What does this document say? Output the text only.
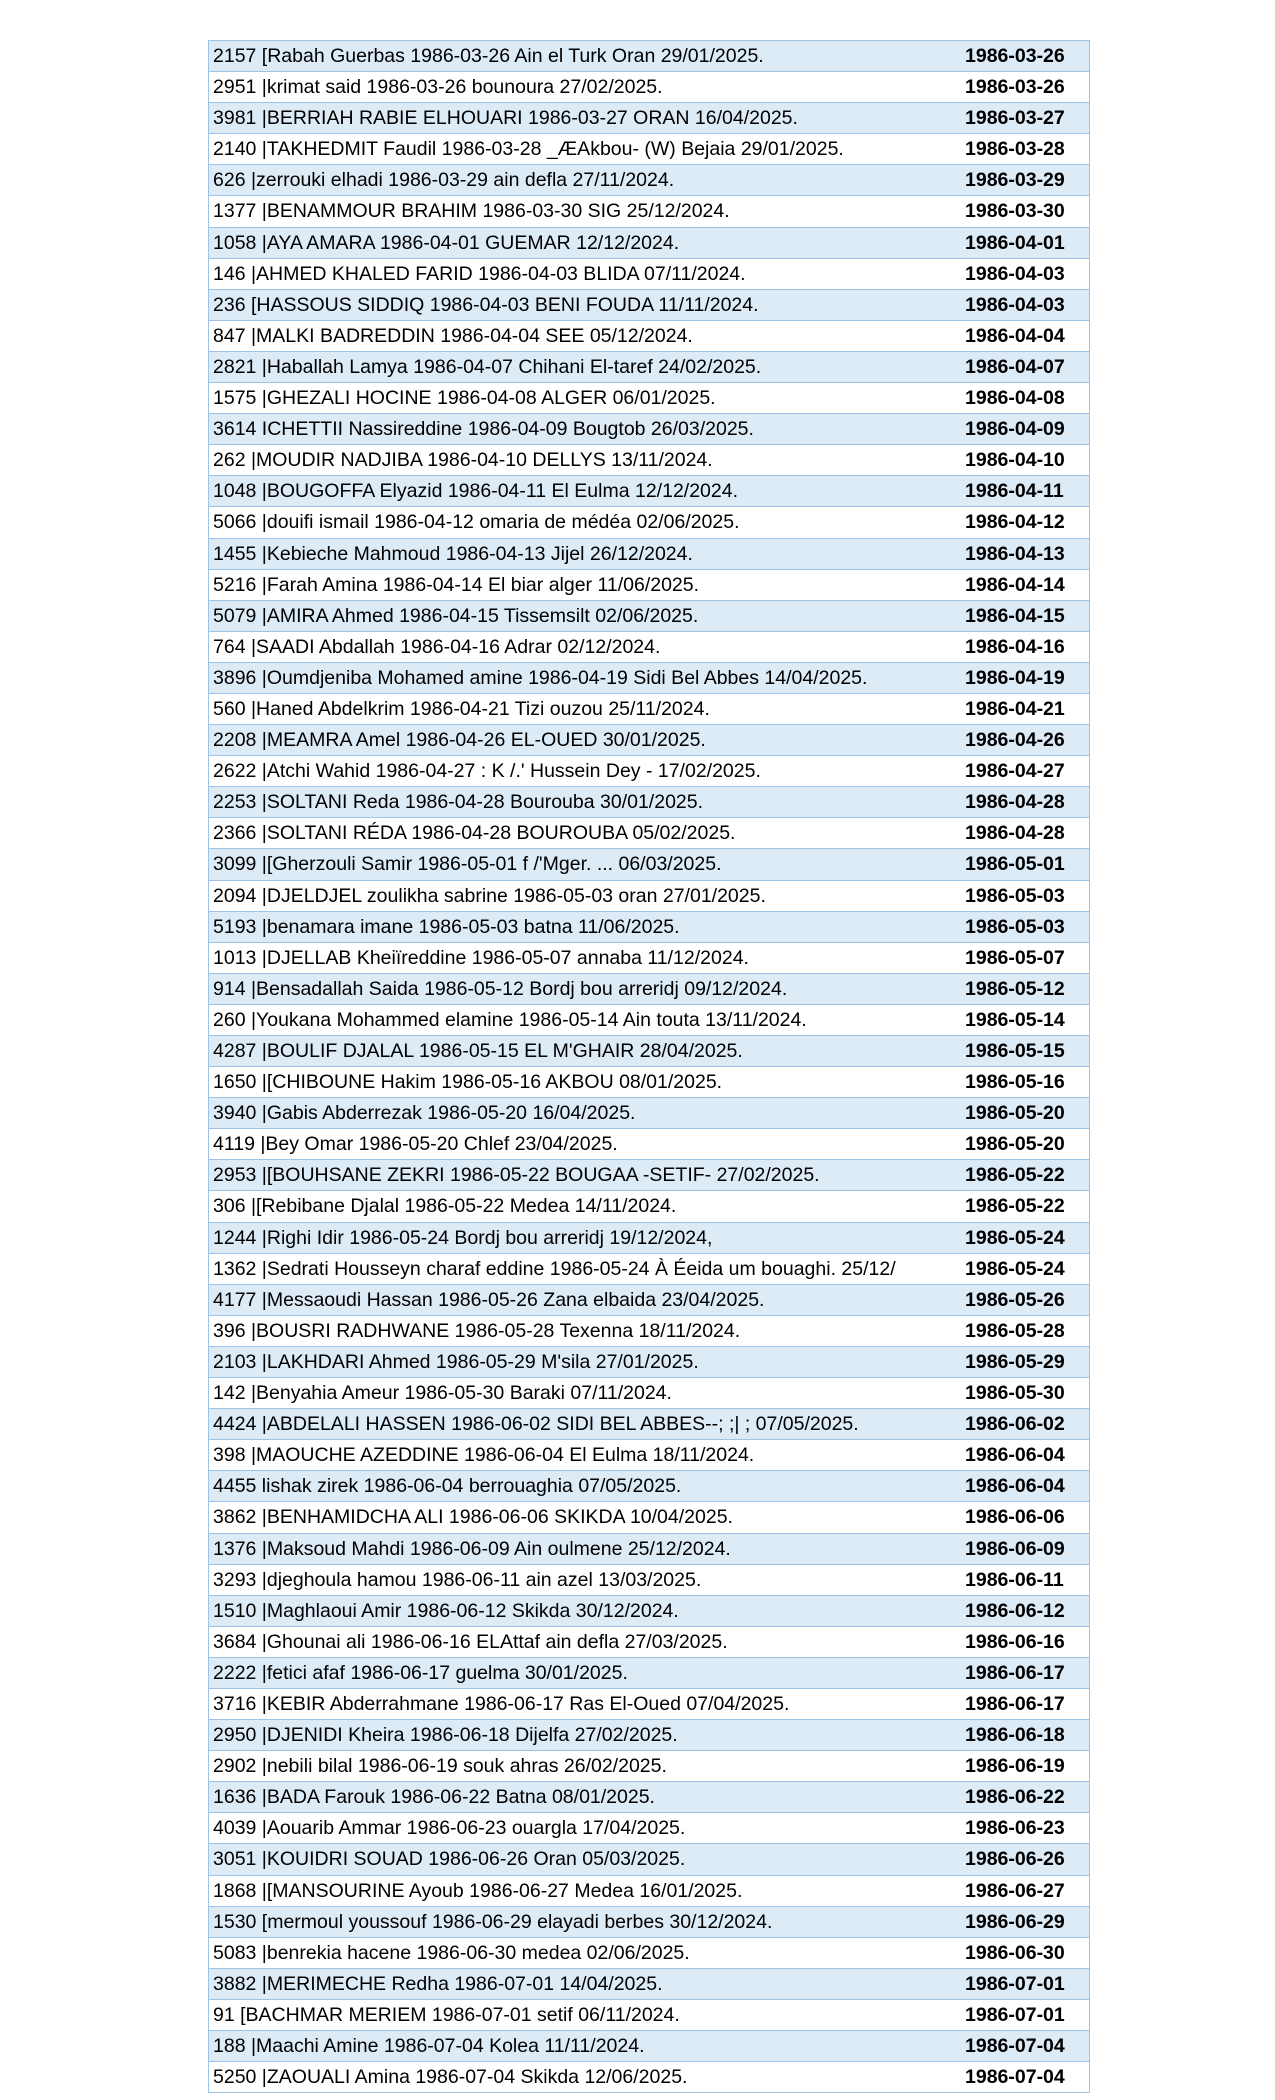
2157 [Rabah Guerbas 1986-03-26 Ain el Turk Oran 29/01/2025.	1986-03-26
2951 |krimat said 1986-03-26 bounoura 27/02/2025.	1986-03-26
3981 |BERRIAH RABIE ELHOUARI 1986-03-27 ORAN 16/04/2025.	1986-03-27
2140 |TAKHEDMIT Faudil 1986-03-28 _ÆAkbou- (W) Bejaia 29/01/2025.	1986-03-28
626 |zerrouki elhadi 1986-03-29 ain defla 27/11/2024.	1986-03-29
1377 |BENAMMOUR BRAHIM 1986-03-30 SIG 25/12/2024.	1986-03-30
1058 |AYA AMARA 1986-04-01 GUEMAR 12/12/2024.	1986-04-01
146 |AHMED KHALED FARID 1986-04-03 BLIDA 07/11/2024.	1986-04-03
236 [HASSOUS SIDDIQ 1986-04-03 BENI FOUDA 11/11/2024.	1986-04-03
847 |MALKI BADREDDIN 1986-04-04 SEE 05/12/2024.	1986-04-04
2821 |Haballah Lamya 1986-04-07 Chihani El-taref 24/02/2025.	1986-04-07
1575 |GHEZALI HOCINE 1986-04-08 ALGER 06/01/2025.	1986-04-08
3614 ICHETTII Nassireddine 1986-04-09 Bougtob 26/03/2025.	1986-04-09
262 |MOUDIR NADJIBA 1986-04-10 DELLYS 13/11/2024.	1986-04-10
1048 |BOUGOFFA Elyazid 1986-04-11 El Eulma 12/12/2024.	1986-04-11
5066 |douifi ismail 1986-04-12 omaria de médéa 02/06/2025.	1986-04-12
1455 |Kebieche Mahmoud 1986-04-13 Jijel 26/12/2024.	1986-04-13
5216 |Farah Amina 1986-04-14 El biar alger 11/06/2025.	1986-04-14
5079 |AMIRA Ahmed 1986-04-15 Tissemsilt 02/06/2025.	1986-04-15
764 |SAADI Abdallah 1986-04-16 Adrar 02/12/2024.	1986-04-16
3896 |Oumdjeniba Mohamed amine 1986-04-19 Sidi Bel Abbes 14/04/2025.	1986-04-19
560 |Haned Abdelkrim 1986-04-21 Tizi ouzou 25/11/2024.	1986-04-21
2208 |MEAMRA Amel 1986-04-26 EL-OUED 30/01/2025.	1986-04-26
2622 |Atchi Wahid 1986-04-27 : K /.' Hussein Dey - 17/02/2025.	1986-04-27
2253 |SOLTANI Reda 1986-04-28 Bourouba 30/01/2025.	1986-04-28
2366 |SOLTANI RÉDA 1986-04-28 BOUROUBA 05/02/2025.	1986-04-28
3099 |[Gherzouli Samir 1986-05-01 f /'Mger. ... 06/03/2025.	1986-05-01
2094 |DJELDJEL zoulikha sabrine 1986-05-03 oran 27/01/2025.	1986-05-03
5193 |benamara imane 1986-05-03 batna 11/06/2025.	1986-05-03
1013 |DJELLAB Kheiïreddine 1986-05-07 annaba 11/12/2024.	1986-05-07
914 |Bensadallah Saida 1986-05-12 Bordj bou arreridj 09/12/2024.	1986-05-12
260 |Youkana Mohammed elamine 1986-05-14 Ain touta 13/11/2024.	1986-05-14
4287 |BOULIF DJALAL 1986-05-15 EL M'GHAIR 28/04/2025.	1986-05-15
1650 |[CHIBOUNE Hakim 1986-05-16 AKBOU 08/01/2025.	1986-05-16
3940 |Gabis Abderrezak 1986-05-20 16/04/2025.	1986-05-20
4119 |Bey Omar 1986-05-20 Chlef 23/04/2025.	1986-05-20
2953 |[BOUHSANE ZEKRI 1986-05-22 BOUGAA -SETIF- 27/02/2025.	1986-05-22
306 |[Rebibane Djalal 1986-05-22 Medea 14/11/2024.	1986-05-22
1244 |Righi Idir 1986-05-24 Bordj bou arreridj 19/12/2024,	1986-05-24
1362 |Sedrati Housseyn charaf eddine 1986-05-24 À Éeida um bouaghi. 25/12/	1986-05-24
4177 |Messaoudi Hassan 1986-05-26 Zana elbaida 23/04/2025.	1986-05-26
396 |BOUSRI RADHWANE 1986-05-28 Texenna 18/11/2024.	1986-05-28
2103 |LAKHDARI Ahmed 1986-05-29 M'sila 27/01/2025.	1986-05-29
142 |Benyahia Ameur 1986-05-30 Baraki 07/11/2024.	1986-05-30
4424 |ABDELALI HASSEN 1986-06-02 SIDI BEL ABBES--; ;| ; 07/05/2025.	1986-06-02
398 |MAOUCHE AZEDDINE 1986-06-04 El Eulma 18/11/2024.	1986-06-04
4455 lishak zirek 1986-06-04 berrouaghia 07/05/2025.	1986-06-04
3862 |BENHAMIDCHA ALI 1986-06-06 SKIKDA 10/04/2025.	1986-06-06
1376 |Maksoud Mahdi 1986-06-09 Ain oulmene 25/12/2024.	1986-06-09
3293 |djeghoula hamou 1986-06-11 ain azel 13/03/2025.	1986-06-11
1510 |Maghlaoui Amir 1986-06-12 Skikda 30/12/2024.	1986-06-12
3684 |Ghounai ali 1986-06-16 ELAttaf ain defla 27/03/2025.	1986-06-16
2222 |fetici afaf 1986-06-17 guelma 30/01/2025.	1986-06-17
3716 |KEBIR Abderrahmane 1986-06-17 Ras El-Oued 07/04/2025.	1986-06-17
2950 |DJENIDI Kheira 1986-06-18 Dijelfa 27/02/2025.	1986-06-18
2902 |nebili bilal 1986-06-19 souk ahras 26/02/2025.	1986-06-19
1636 |BADA Farouk 1986-06-22 Batna 08/01/2025.	1986-06-22
4039 |Aouarib Ammar 1986-06-23 ouargla 17/04/2025.	1986-06-23
3051 |KOUIDRI SOUAD 1986-06-26 Oran 05/03/2025.	1986-06-26
1868 |[MANSOURINE Ayoub 1986-06-27 Medea 16/01/2025.	1986-06-27
1530 [mermoul youssouf 1986-06-29 elayadi berbes 30/12/2024.	1986-06-29
5083 |benrekia hacene 1986-06-30 medea 02/06/2025.	1986-06-30
3882 |MERIMECHE Redha 1986-07-01 14/04/2025.	1986-07-01
91 [BACHMAR MERIEM 1986-07-01 setif 06/11/2024.	1986-07-01
188 |Maachi Amine 1986-07-04 Kolea 11/11/2024.	1986-07-04
5250 |ZAOUALI Amina 1986-07-04 Skikda 12/06/2025.	1986-07-04
